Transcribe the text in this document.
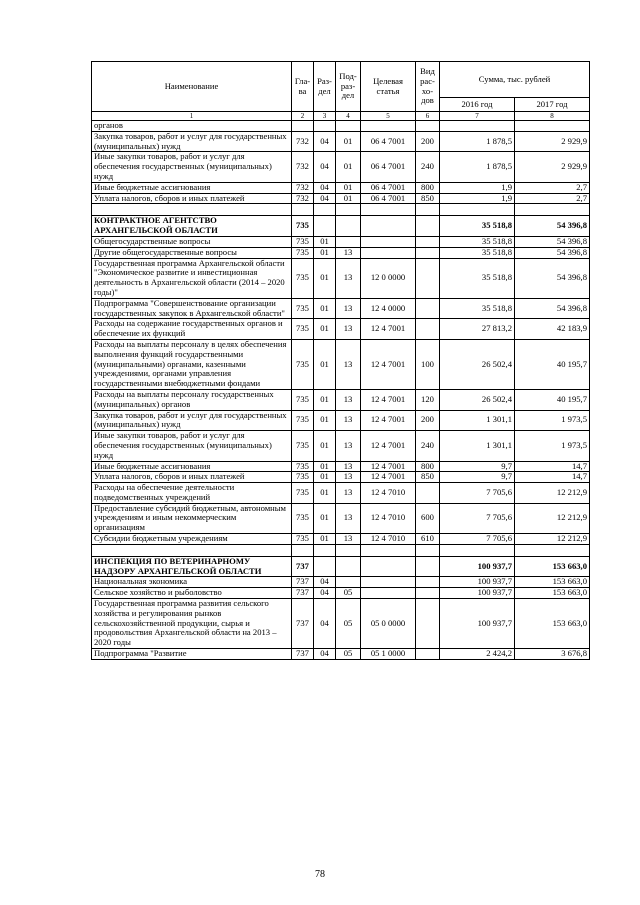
Наименование	Гла-ва	Раз-дел	Под-раз-дел	Целевая статья	Вид рас-хо-дов	Сумма, тыс. рублей	
						2016 год	2017 год
1	2	3	4	5	6	7	8
органов							
Закупка товаров, работ и услуг для государственных (муниципальных) нужд	732	04	01	06 4 7001	200	1 878,5	2 929,9
Иные закупки товаров, работ и услуг для обеспечения государственных (муниципальных) нужд	732	04	01	06 4 7001	240	1 878,5	2 929,9
Иные бюджетные ассигнования	732	04	01	06 4 7001	800	1,9	2,7
Уплата налогов, сборов и иных платежей	732	04	01	06 4 7001	850	1,9	2,7

КОНТРАКТНОЕ АГЕНТСТВО АРХАНГЕЛЬСКОЙ ОБЛАСТИ	735					35 518,8	54 396,8
Общегосударственные вопросы	735	01				35 518,8	54 396,8
Другие общегосударственные вопросы	735	01	13			35 518,8	54 396,8
Государственная программа Архангельской области "Экономическое развитие и инвестиционная деятельность в Архангельской области (2014 – 2020 годы)"	735	01	13	12 0 0000		35 518,8	54 396,8
Подпрограмма "Совершенствование организации государственных закупок в Архангельской области"	735	01	13	12 4 0000		35 518,8	54 396,8
Расходы на содержание государственных органов и обеспечение их функций	735	01	13	12 4 7001		27 813,2	42 183,9
Расходы на выплаты персоналу в целях обеспечения выполнения функций государственными (муниципальными) органами, казенными учреждениями, органами управления государственными внебюджетными фондами	735	01	13	12 4 7001	100	26 502,4	40 195,7
Расходы на выплаты персоналу государственных (муниципальных) органов	735	01	13	12 4 7001	120	26 502,4	40 195,7
Закупка товаров, работ и услуг для государственных (муниципальных) нужд	735	01	13	12 4 7001	200	1 301,1	1 973,5
Иные закупки товаров, работ и услуг для обеспечения государственных (муниципальных) нужд	735	01	13	12 4 7001	240	1 301,1	1 973,5
Иные бюджетные ассигнования	735	01	13	12 4 7001	800	9,7	14,7
Уплата налогов, сборов и иных платежей	735	01	13	12 4 7001	850	9,7	14,7
Расходы на обеспечение деятельности подведомственных учреждений	735	01	13	12 4 7010		7 705,6	12 212,9
Предоставление субсидий бюджетным, автономным учреждениям и иным некоммерческим организациям	735	01	13	12 4 7010	600	7 705,6	12 212,9
Субсидии бюджетным учреждениям	735	01	13	12 4 7010	610	7 705,6	12 212,9

ИНСПЕКЦИЯ ПО ВЕТЕРИНАРНОМУ НАДЗОРУ АРХАНГЕЛЬСКОЙ ОБЛАСТИ	737					100 937,7	153 663,0
Национальная экономика	737	04				100 937,7	153 663,0
Сельское хозяйство и рыболовство	737	04	05			100 937,7	153 663,0
Государственная программа развития сельского хозяйства и регулирования рынков сельскохозяйственной продукции, сырья и продовольствия Архангельской области на 2013 – 2020 годы	737	04	05	05 0 0000		100 937,7	153 663,0
Подпрограмма "Развитие	737	04	05	05 1 0000		2 424,2	3 676,8
78
